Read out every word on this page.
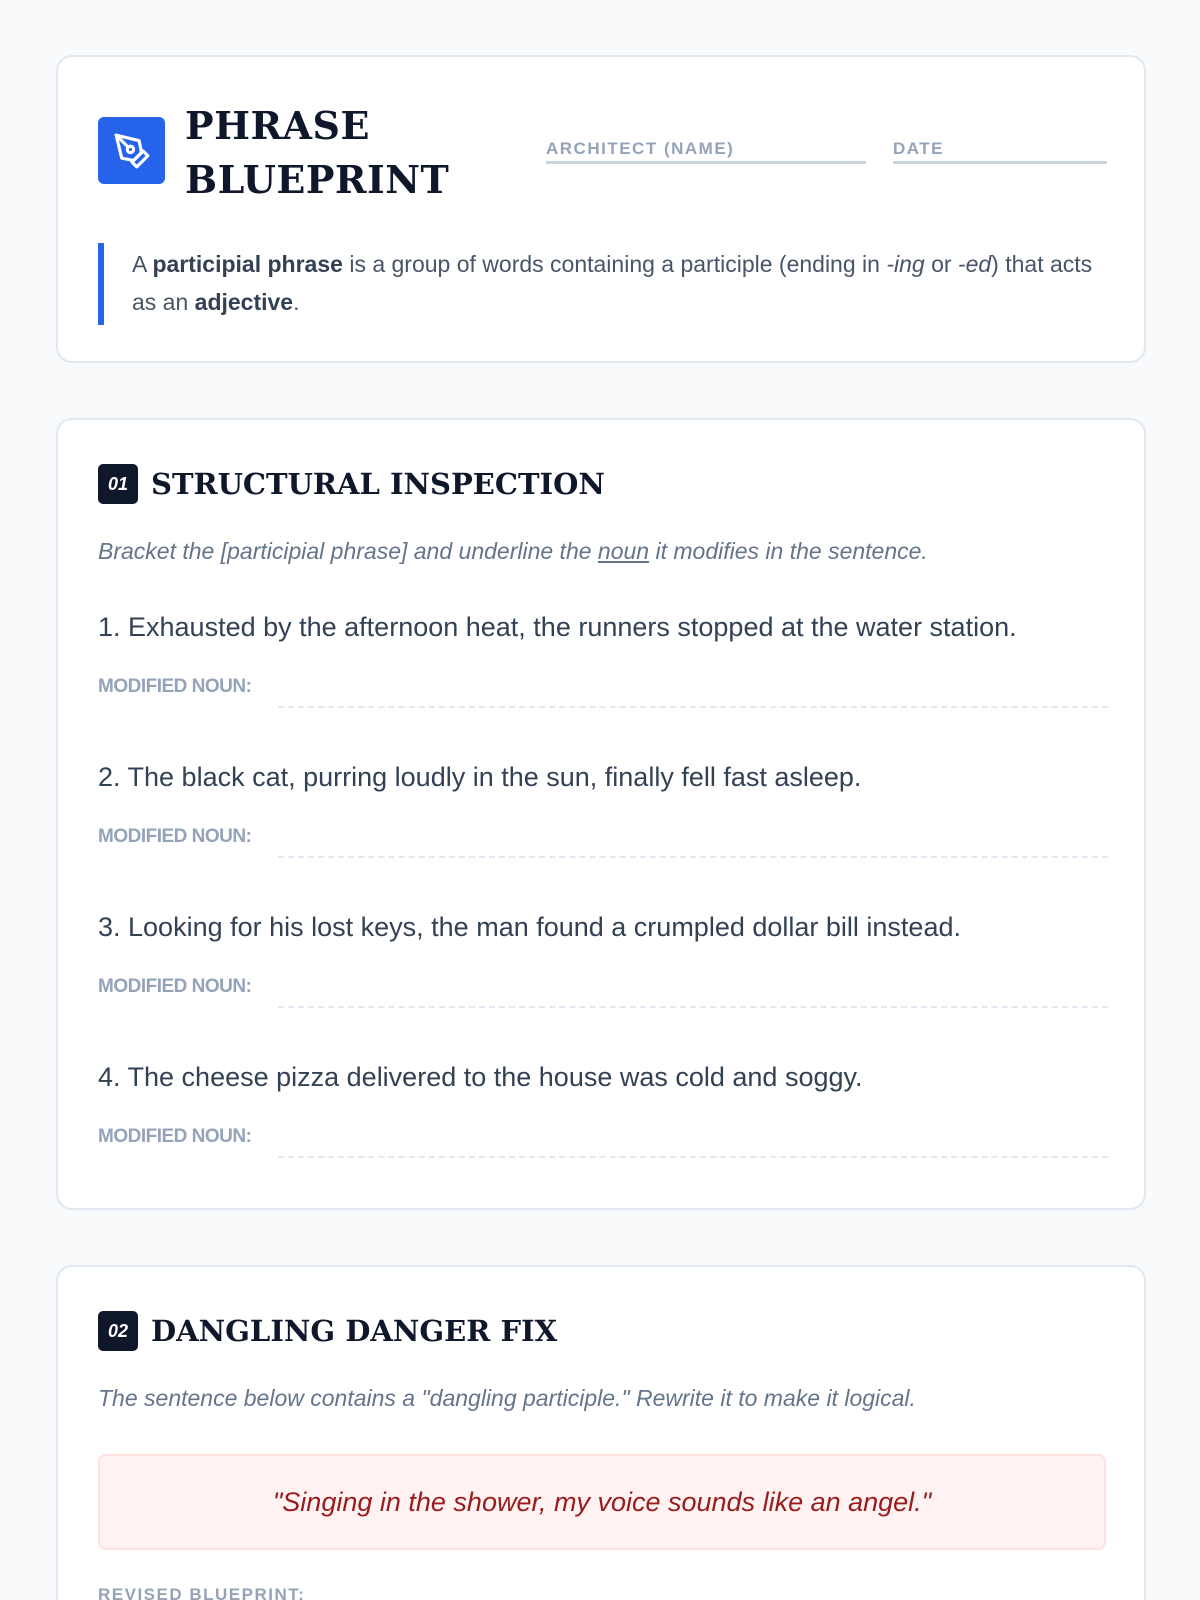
PHRASE
BLUEPRINT
ARCHITECT (NAME)	DATE
A participial phrase is a group of words containing a participle (ending in -ing or -ed) that acts as an adjective.
01 STRUCTURAL INSPECTION
Bracket the [participial phrase] and underline the noun it modifies in the sentence.
1. Exhausted by the afternoon heat, the runners stopped at the water station.
MODIFIED NOUN:
2. The black cat, purring loudly in the sun, finally fell fast asleep.
MODIFIED NOUN:
3. Looking for his lost keys, the man found a crumpled dollar bill instead.
MODIFIED NOUN:
4. The cheese pizza delivered to the house was cold and soggy.
MODIFIED NOUN:
02 DANGLING DANGER FIX
The sentence below contains a "dangling participle." Rewrite it to make it logical.
"Singing in the shower, my voice sounds like an angel."
REVISED BLUEPRINT:
